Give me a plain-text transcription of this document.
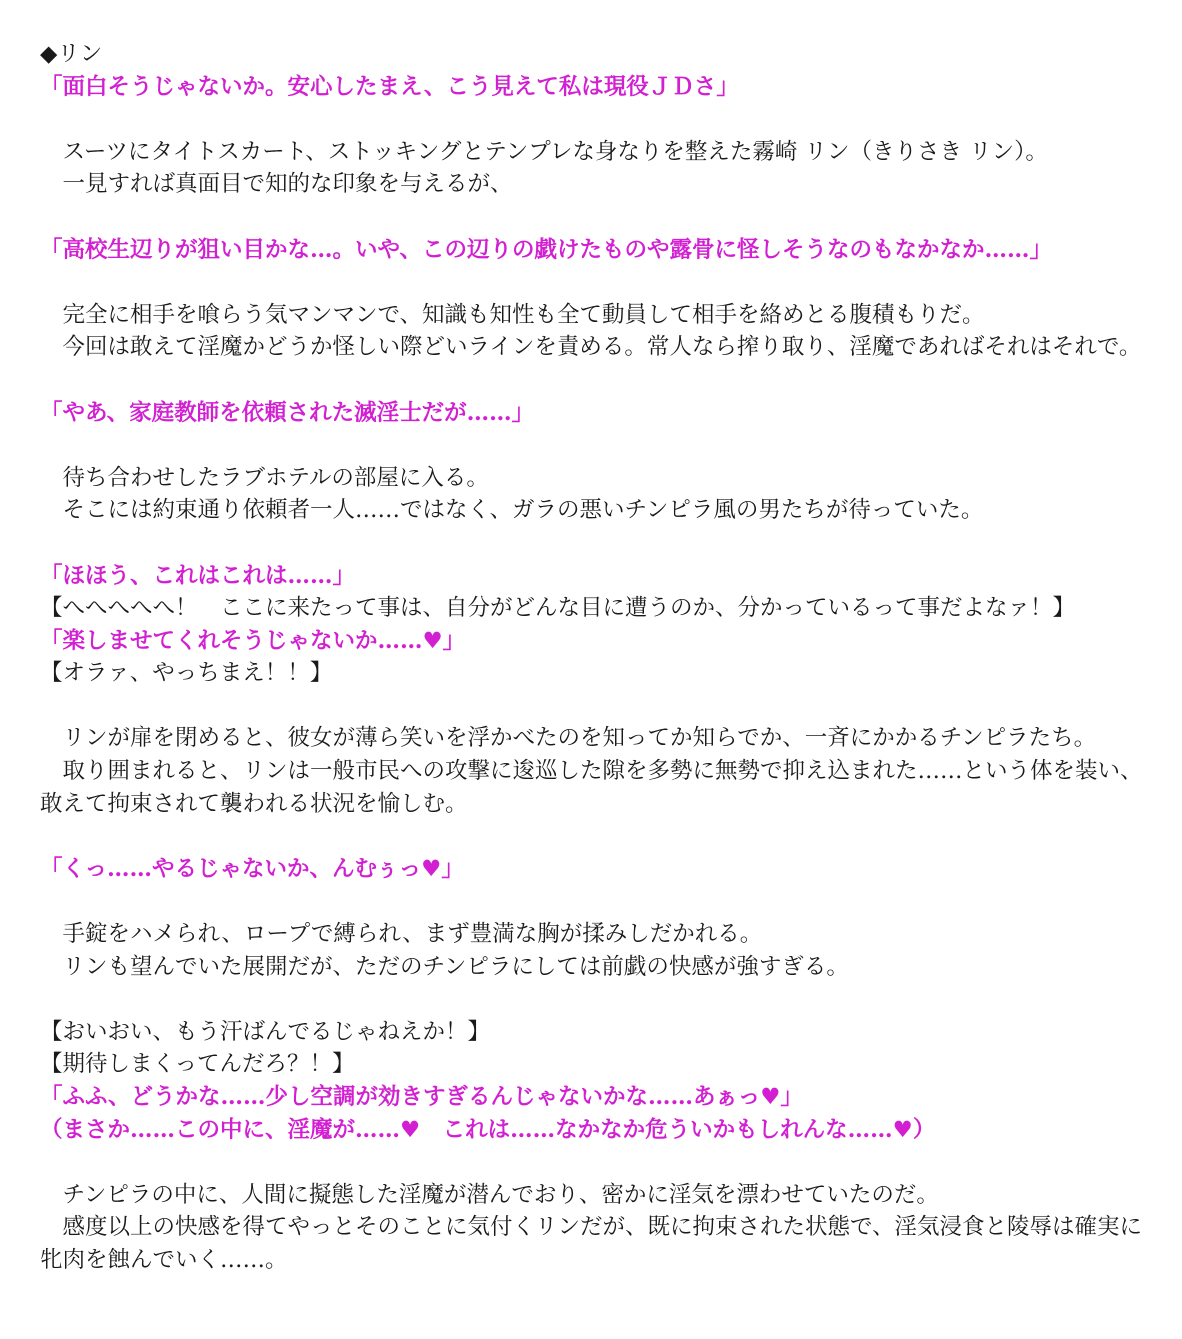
◆リン
「面白そうじゃないか。安心したまえ、こう見えて私は現役ＪＤさ」
　スーツにタイトスカート、ストッキングとテンプレな身なりを整えた霧崎 リン（きりさき リン）。
　一見すれば真面目で知的な印象を与えるが、
「高校生辺りが狙い目かな…。いや、この辺りの戯けたものや露骨に怪しそうなのもなかなか……」
　完全に相手を喰らう気マンマンで、知識も知性も全て動員して相手を絡めとる腹積もりだ。
　今回は敢えて淫魔かどうか怪しい際どいラインを責める。常人なら搾り取り、淫魔であればそれはそれで。
「やあ、家庭教師を依頼された滅淫士だが……」
　待ち合わせしたラブホテルの部屋に入る。
　そこには約束通り依頼者一人……ではなく、ガラの悪いチンピラ風の男たちが待っていた。
「ほほう、これはこれは……」
【へへへへへ！　ここに来たって事は、自分がどんな目に遭うのか、分かっているって事だよなァ！】
「楽しませてくれそうじゃないか……♥」
【オラァ、やっちまえ！！】
　リンが扉を閉めると、彼女が薄ら笑いを浮かべたのを知ってか知らでか、一斉にかかるチンピラたち。
　取り囲まれると、リンは一般市民への攻撃に逡巡した隙を多勢に無勢で抑え込まれた……という体を装い、敢えて拘束されて襲われる状況を愉しむ。
「くっ……やるじゃないか、んむぅっ♥」
　手錠をハメられ、ロープで縛られ、まず豊満な胸が揉みしだかれる。
　リンも望んでいた展開だが、ただのチンピラにしては前戯の快感が強すぎる。
【おいおい、もう汗ばんでるじゃねえか！】
【期待しまくってんだろ？！】
「ふふ、どうかな……少し空調が効きすぎるんじゃないかな……あぁっ♥」
（まさか……この中に、淫魔が……♥　これは……なかなか危ういかもしれんな……♥）
　チンピラの中に、人間に擬態した淫魔が潜んでおり、密かに淫気を漂わせていたのだ。
　感度以上の快感を得てやっとそのことに気付くリンだが、既に拘束された状態で、淫気浸食と陵辱は確実に牝肉を蝕んでいく……。
